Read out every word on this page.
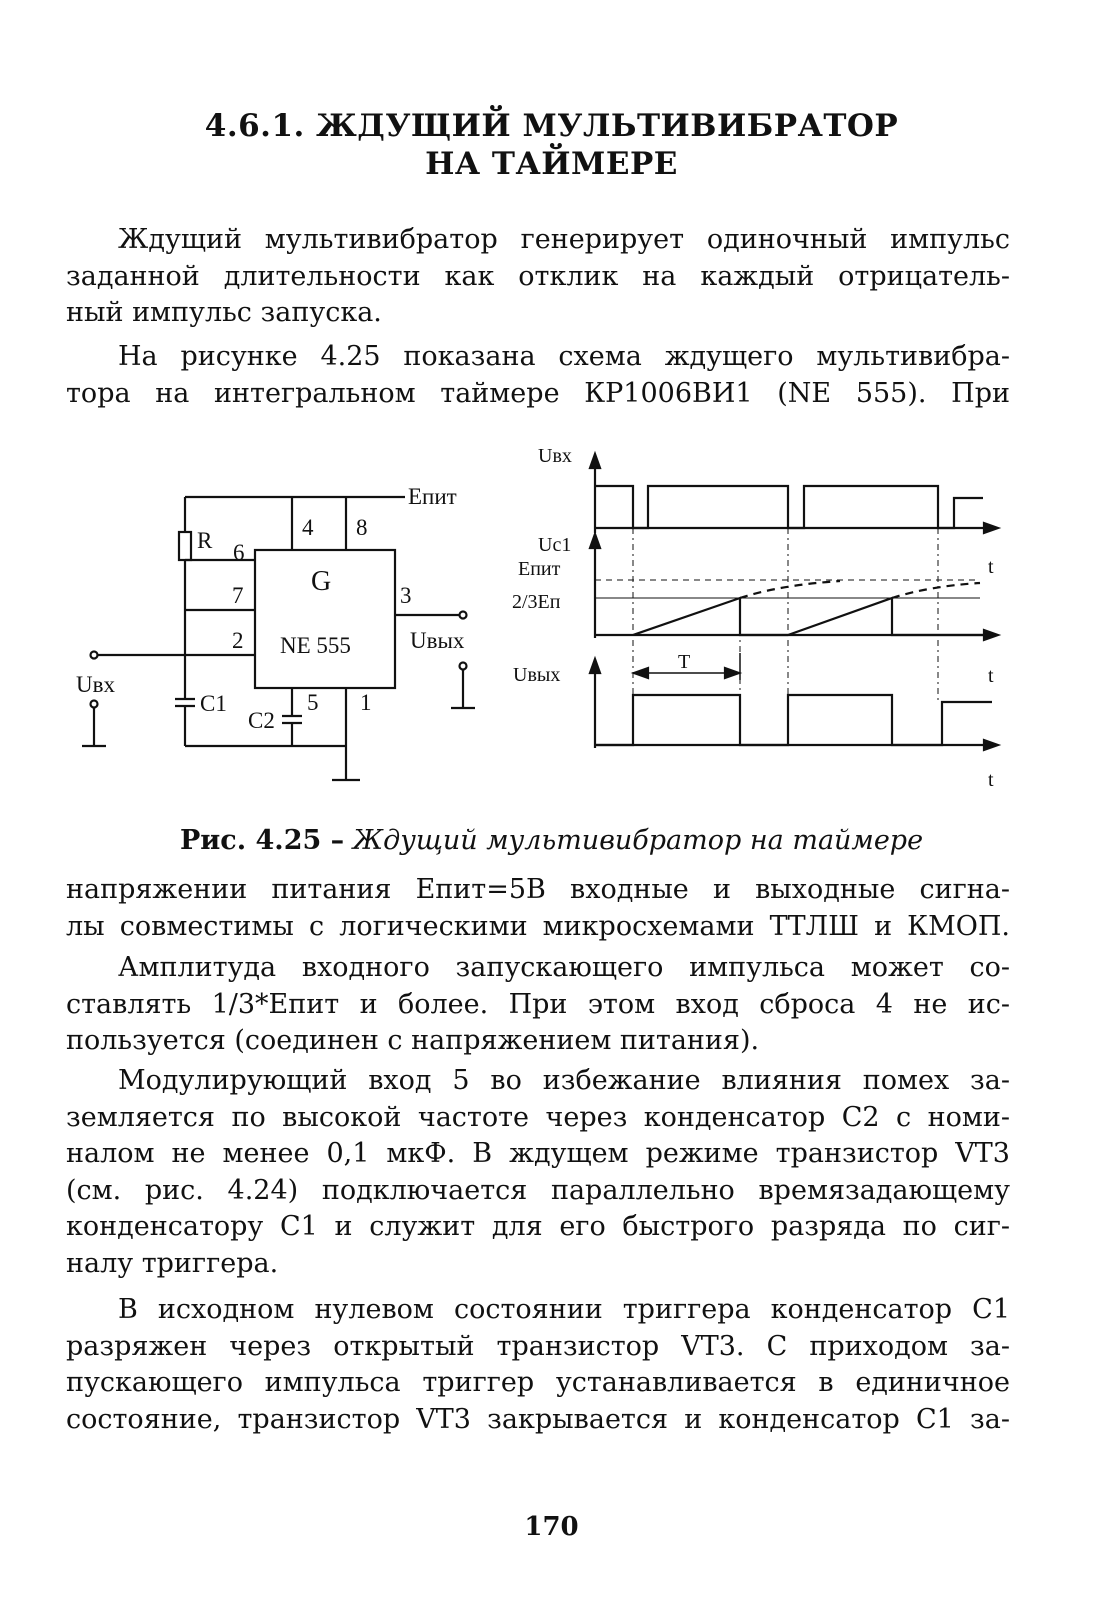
4.6.1. ЖДУЩИЙ МУЛЬТИВИБРАТОР
НА ТАЙМЕРЕ
Ждущий мультивибратор генерирует одиночный импульс
заданной длительности как отклик на каждый отрицатель-
ный импульс запуска.
На рисунке 4.25 показана схема ждущего мультивибра-
тора на интегральном таймере КР1006ВИ1 (NE 555). При
Епит
R 6
7
2
4 8
3
5 1
G
NE 555	Uвых
Uвх
C1
C2
Uвх
Uc1
Епит
2/3Еп
Uвых
T
t
t
t
Рис. 4.25 – Ждущий мультивибратор на таймере
напряжении питания Епит=5В входные и выходные сигна-
лы совместимы с логическими микросхемами ТТЛШ и КМОП.
Амплитуда входного запускающего импульса может со-
ставлять 1/3*Епит и более. При этом вход сброса 4 не ис-
пользуется (соединен с напряжением питания).
Модулирующий вход 5 во избежание влияния помех за-
земляется по высокой частоте через конденсатор С2 с номи-
налом не менее 0,1 мкФ. В ждущем режиме транзистор VT3
(см. рис. 4.24) подключается параллельно времязадающему
конденсатору С1 и служит для его быстрого разряда по сиг-
налу триггера.
В исходном нулевом состоянии триггера конденсатор C1
разряжен через открытый транзистор VT3. С приходом за-
пускающего импульса триггер устанавливается в единичное
состояние, транзистор VT3 закрывается и конденсатор C1 за-
170
